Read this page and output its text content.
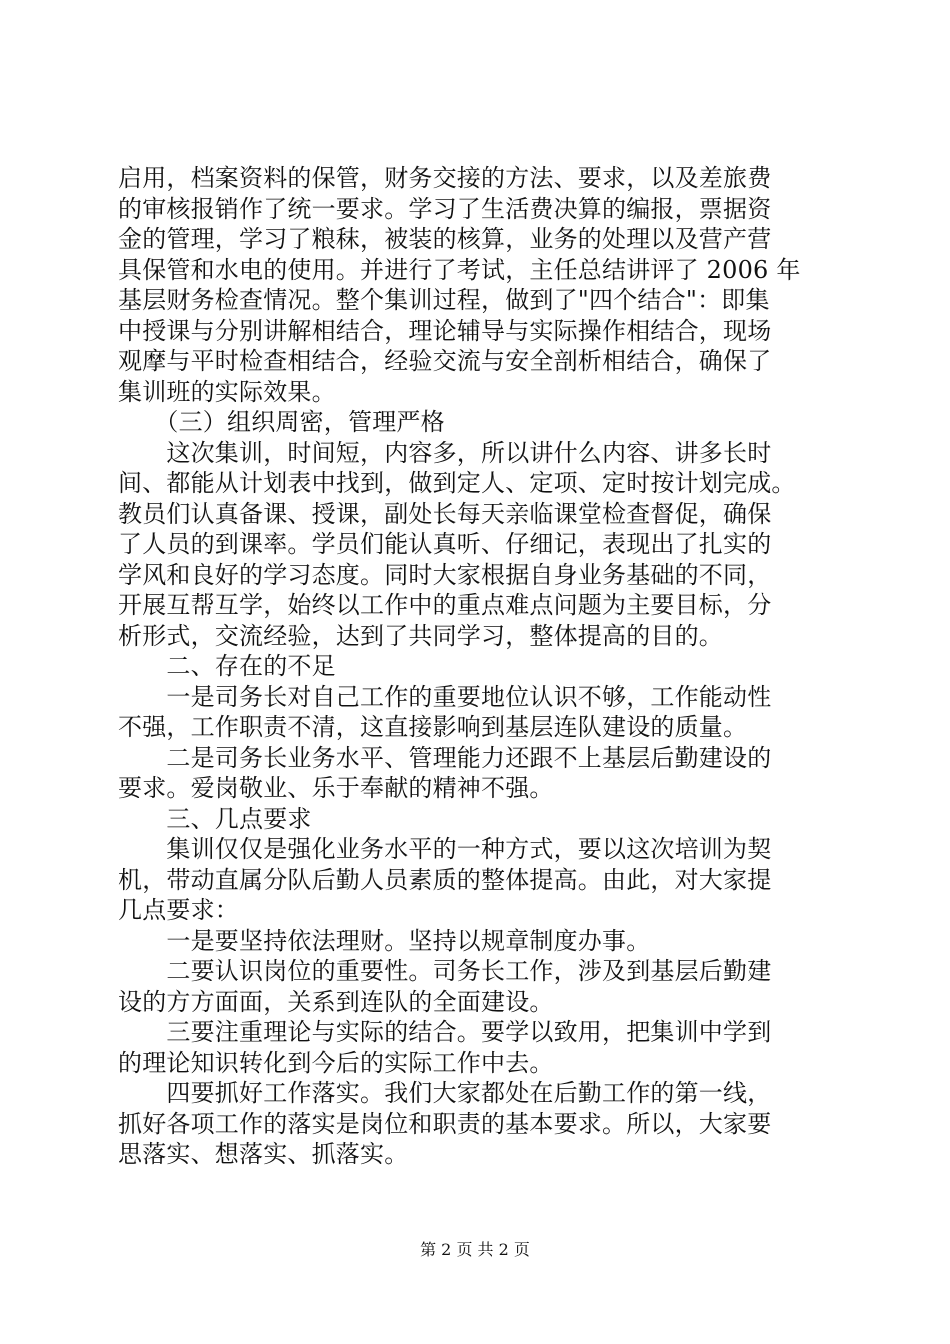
启用，档案资料的保管，财务交接的方法、要求，以及差旅费
的审核报销作了统一要求。学习了生活费决算的编报，票据资
金的管理，学习了粮秣，被装的核算，业务的处理以及营产营
具保管和水电的使用。并进行了考试，主任总结讲评了 2006 年
基层财务检查情况。整个集训过程，做到了"四个结合"：即集
中授课与分别讲解相结合，理论辅导与实际操作相结合，现场
观摩与平时检查相结合，经验交流与安全剖析相结合，确保了
集训班的实际效果。
　　（三）组织周密，管理严格
　　这次集训，时间短，内容多，所以讲什么内容、讲多长时
间、都能从计划表中找到，做到定人、定项、定时按计划完成。
教员们认真备课、授课，副处长每天亲临课堂检查督促，确保
了人员的到课率。学员们能认真听、仔细记，表现出了扎实的
学风和良好的学习态度。同时大家根据自身业务基础的不同，
开展互帮互学，始终以工作中的重点难点问题为主要目标，分
析形式，交流经验，达到了共同学习，整体提高的目的。
　　二、存在的不足
　　一是司务长对自己工作的重要地位认识不够，工作能动性
不强，工作职责不清，这直接影响到基层连队建设的质量。
　　二是司务长业务水平、管理能力还跟不上基层后勤建设的
要求。爱岗敬业、乐于奉献的精神不强。
　　三、几点要求
　　集训仅仅是强化业务水平的一种方式，要以这次培训为契
机，带动直属分队后勤人员素质的整体提高。由此，对大家提
几点要求：
　　一是要坚持依法理财。坚持以规章制度办事。
　　二要认识岗位的重要性。司务长工作，涉及到基层后勤建
设的方方面面，关系到连队的全面建设。
　　三要注重理论与实际的结合。要学以致用，把集训中学到
的理论知识转化到今后的实际工作中去。
　　四要抓好工作落实。我们大家都处在后勤工作的第一线，
抓好各项工作的落实是岗位和职责的基本要求。所以，大家要
思落实、想落实、抓落实。
第 2 页 共 2 页
